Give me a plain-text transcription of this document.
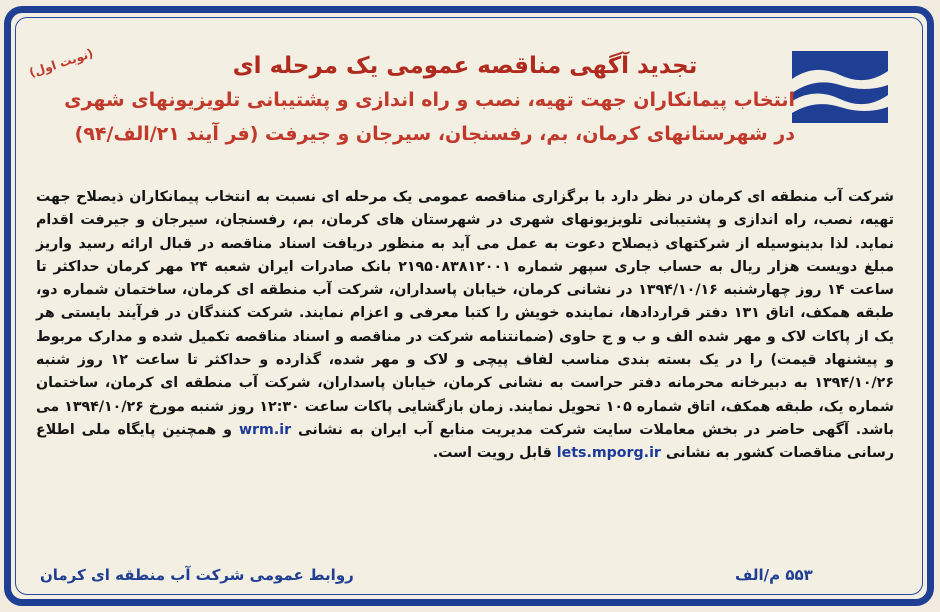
(نوبت اول)	تجدید آگهی مناقصه عمومی یک مرحله ای
انتخاب پیمانکاران جهت تهیه، نصب و راه اندازی و پشتیبانی تلویزیونهای شهری
در شهرستانهای کرمان، بم، رفسنجان، سیرجان و جیرفت (فر آیند ۲۱/الف/۹۴)
شرکت آب منطقه ای کرمان در نظر دارد با برگزاری مناقصه عمومی یک مرحله ای نسبت به انتخاب پیمانکاران ذیصلاح جهت تهیه، نصب، راه اندازی و پشتیبانی تلویزیونهای شهری در شهرستان های کرمان، بم، رفسنجان، سیرجان و جیرفت اقدام نماید. لذا بدینوسیله از شرکتهای ذیصلاح دعوت به عمل می آید به منظور دریافت اسناد مناقصه در قبال ارائه رسید واریز مبلغ دویست هزار ریال به حساب جاری سپهر شماره ۲۱۹۵۰۸۳۸۱۲۰۰۱ بانک صادرات ایران شعبه ۲۴ مهر کرمان حداکثر تا ساعت ۱۴ روز چهارشنبه ۱۳۹۴/۱۰/۱۶ در نشانی کرمان، خیابان پاسداران، شرکت آب منطقه ای کرمان، ساختمان شماره دو، طبقه همکف، اتاق ۱۳۱ دفتر قراردادها، نماینده خویش را کتبا معرفی و اعزام نمایند. شرکت کنندگان در فرآیند بایستی هر یک از پاکات لاک و مهر شده الف و ب و ج حاوی (ضمانتنامه شرکت در مناقصه و اسناد مناقصه تکمیل شده و مدارک مربوط و پیشنهاد قیمت) را در یک بسته بندی مناسب لفاف پیچی و لاک و مهر شده، گذارده و حداکثر تا ساعت ۱۲ روز شنبه ۱۳۹۴/۱۰/۲۶ به دبیرخانه محرمانه دفتر حراست به نشانی کرمان، خیابان پاسداران، شرکت آب منطقه ای کرمان، ساختمان شماره یک، طبقه همکف، اتاق شماره ۱۰۵ تحویل نمایند. زمان بازگشایی پاکات ساعت ۱۲:۳۰ روز شنبه مورخ ۱۳۹۴/۱۰/۲۶ می باشد. آگهی حاضر در بخش معاملات سایت شرکت مدیریت منابع آب ایران به نشانی wrm.ir و همچنین پایگاه ملی اطلاع رسانی مناقصات کشور به نشانی lets.mporg.ir قابل رویت است.
روابط عمومی شرکت آب منطقه ای کرمان	۵۵۳ م/الف
